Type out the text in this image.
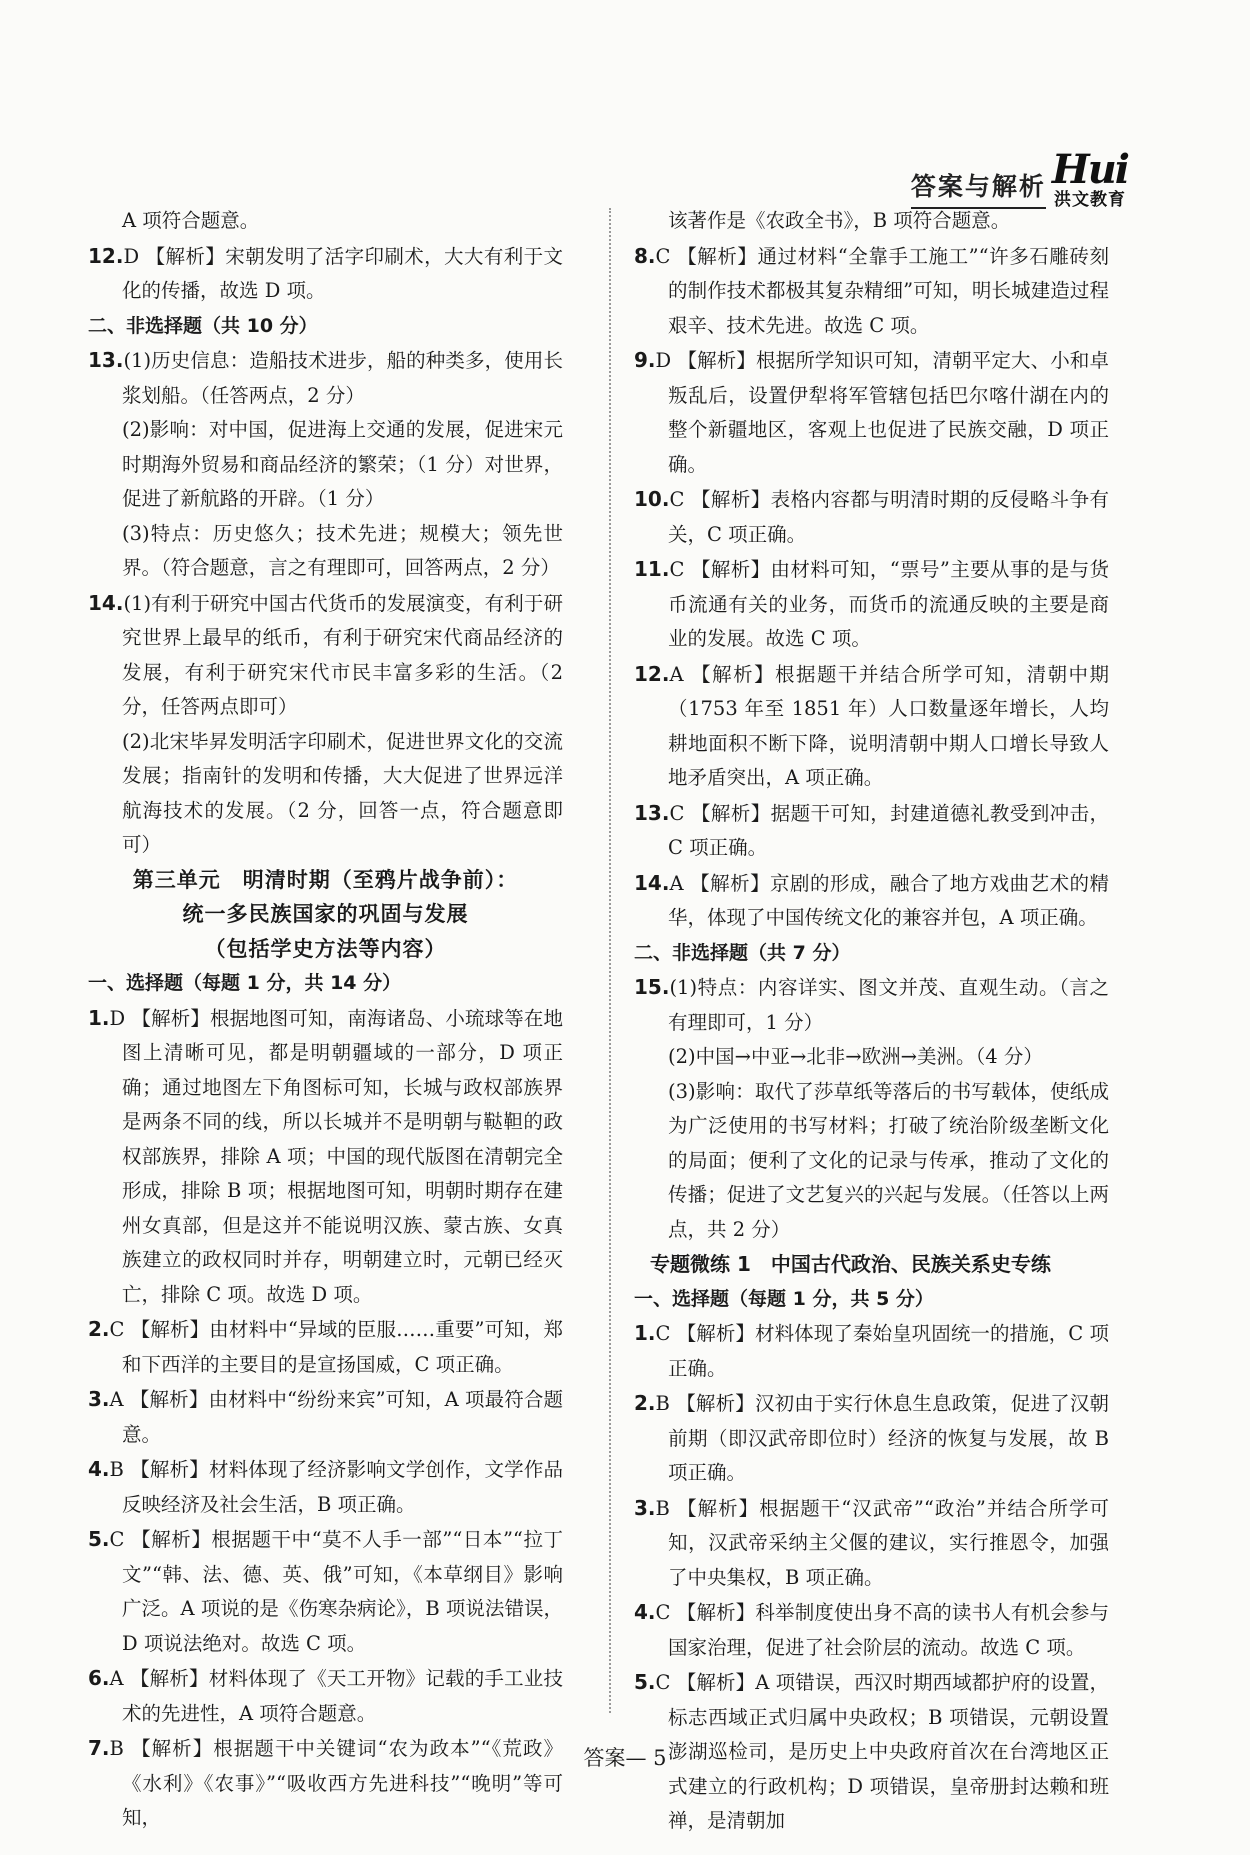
答案与解析 Hui
洪文教育

A 项符合题意。

12.D 【解析】宋朝发明了活字印刷术，大大有利于文化的传播，故选 D 项。

二、非选择题（共 10 分）

13.(1)历史信息：造船技术进步，船的种类多，使用长浆划船。（任答两点，2 分）

(2)影响：对中国，促进海上交通的发展，促进宋元时期海外贸易和商品经济的繁荣；（1 分）对世界，促进了新航路的开辟。（1 分）

(3)特点：历史悠久；技术先进；规模大；领先世界。（符合题意，言之有理即可，回答两点，2 分）

14.(1)有利于研究中国古代货币的发展演变，有利于研究世界上最早的纸币，有利于研究宋代商品经济的发展，有利于研究宋代市民丰富多彩的生活。（2 分，任答两点即可）

(2)北宋毕昇发明活字印刷术，促进世界文化的交流发展；指南针的发明和传播，大大促进了世界远洋航海技术的发展。（2 分，回答一点，符合题意即可）

第三单元　明清时期（至鸦片战争前）：

统一多民族国家的巩固与发展

（包括学史方法等内容）

一、选择题（每题 1 分，共 14 分）

1.D 【解析】根据地图可知，南海诸岛、小琉球等在地图上清晰可见，都是明朝疆域的一部分，D 项正确；通过地图左下角图标可知，长城与政权部族界是两条不同的线，所以长城并不是明朝与鞑靼的政权部族界，排除 A 项；中国的现代版图在清朝完全形成，排除 B 项；根据地图可知，明朝时期存在建州女真部，但是这并不能说明汉族、蒙古族、女真族建立的政权同时并存，明朝建立时，元朝已经灭亡，排除 C 项。故选 D 项。

2.C 【解析】由材料中“异域的臣服……重要”可知，郑和下西洋的主要目的是宣扬国威，C 项正确。

3.A 【解析】由材料中“纷纷来宾”可知，A 项最符合题意。

4.B 【解析】材料体现了经济影响文学创作，文学作品反映经济及社会生活，B 项正确。

5.C 【解析】根据题干中“莫不人手一部”“日本”“拉丁文”“韩、法、德、英、俄”可知，《本草纲目》影响广泛。A 项说的是《伤寒杂病论》，B 项说法错误，D 项说法绝对。故选 C 项。

6.A 【解析】材料体现了《天工开物》记载的手工业技术的先进性，A 项符合题意。

7.B 【解析】根据题干中关键词“农为政本”“《荒政》《水利》《农事》”“吸收西方先进科技”“晚明”等可知，

该著作是《农政全书》，B 项符合题意。

8.C 【解析】通过材料“全靠手工施工”“许多石雕砖刻的制作技术都极其复杂精细”可知，明长城建造过程艰辛、技术先进。故选 C 项。

9.D 【解析】根据所学知识可知，清朝平定大、小和卓叛乱后，设置伊犁将军管辖包括巴尔喀什湖在内的整个新疆地区，客观上也促进了民族交融，D 项正确。

10.C 【解析】表格内容都与明清时期的反侵略斗争有关，C 项正确。

11.C 【解析】由材料可知，“票号”主要从事的是与货币流通有关的业务，而货币的流通反映的主要是商业的发展。故选 C 项。

12.A 【解析】根据题干并结合所学可知，清朝中期（1753 年至 1851 年）人口数量逐年增长，人均耕地面积不断下降，说明清朝中期人口增长导致人地矛盾突出，A 项正确。

13.C 【解析】据题干可知，封建道德礼教受到冲击，C 项正确。

14.A 【解析】京剧的形成，融合了地方戏曲艺术的精华，体现了中国传统文化的兼容并包，A 项正确。

二、非选择题（共 7 分）

15.(1)特点：内容详实、图文并茂、直观生动。（言之有理即可，1 分）

(2)中国→中亚→北非→欧洲→美洲。（4 分）

(3)影响：取代了莎草纸等落后的书写载体，使纸成为广泛使用的书写材料；打破了统治阶级垄断文化的局面；便利了文化的记录与传承，推动了文化的传播；促进了文艺复兴的兴起与发展。（任答以上两点，共 2 分）

专题微练 1　中国古代政治、民族关系史专练

一、选择题（每题 1 分，共 5 分）

1.C 【解析】材料体现了秦始皇巩固统一的措施，C 项正确。

2.B 【解析】汉初由于实行休息生息政策，促进了汉朝前期（即汉武帝即位时）经济的恢复与发展，故 B 项正确。

3.B 【解析】根据题干“汉武帝”“政治”并结合所学可知，汉武帝采纳主父偃的建议，实行推恩令，加强了中央集权，B 项正确。

4.C 【解析】科举制度使出身不高的读书人有机会参与国家治理，促进了社会阶层的流动。故选 C 项。

5.C 【解析】A 项错误，西汉时期西域都护府的设置，标志西域正式归属中央政权；B 项错误，元朝设置澎湖巡检司，是历史上中央政府首次在台湾地区正式建立的行政机构；D 项错误，皇帝册封达赖和班禅，是清朝加

答案— 5
